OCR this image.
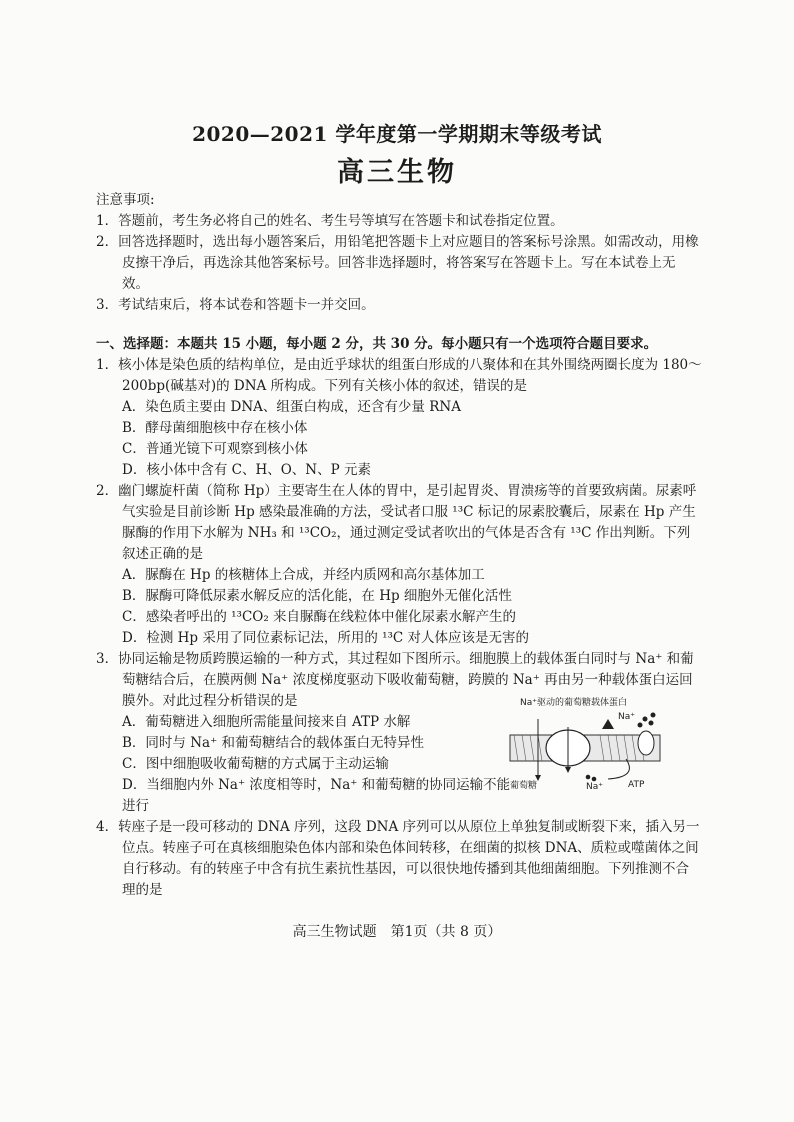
2020—2021 学年度第一学期期末等级考试
高三生物

注意事项:

1．答题前，考生务必将自己的姓名、考生号等填写在答题卡和试卷指定位置。

2．回答选择题时，选出每小题答案后，用铅笔把答题卡上对应题目的答案标号涂黑。如需改动，用橡皮擦干净后，再选涂其他答案标号。回答非选择题时，将答案写在答题卡上。写在本试卷上无效。

3．考试结束后，将本试卷和答题卡一并交回。

一、选择题：本题共 15 小题，每小题 2 分，共 30 分。每小题只有一个选项符合题目要求。

1．核小体是染色质的结构单位，是由近乎球状的组蛋白形成的八聚体和在其外围绕两圈长度为 180～200bp(碱基对)的 DNA 所构成。下列有关核小体的叙述，错误的是

A．染色质主要由 DNA、组蛋白构成，还含有少量 RNA

B．酵母菌细胞核中存在核小体

C．普通光镜下可观察到核小体

D．核小体中含有 C、H、O、N、P 元素

2．幽门螺旋杆菌（简称 Hp）主要寄生在人体的胃中，是引起胃炎、胃溃疡等的首要致病菌。尿素呼气实验是目前诊断 Hp 感染最准确的方法，受试者口服 ¹³C 标记的尿素胶囊后，尿素在 Hp 产生脲酶的作用下水解为 NH₃ 和 ¹³CO₂，通过测定受试者吹出的气体是否含有 ¹³C 作出判断。下列叙述正确的是

A．脲酶在 Hp 的核糖体上合成，并经内质网和高尔基体加工

B．脲酶可降低尿素水解反应的活化能，在 Hp 细胞外无催化活性

C．感染者呼出的 ¹³CO₂ 来自脲酶在线粒体中催化尿素水解产生的

D．检测 Hp 采用了同位素标记法，所用的 ¹³C 对人体应该是无害的

3．协同运输是物质跨膜运输的一种方式，其过程如下图所示。细胞膜上的载体蛋白同时与 Na⁺ 和葡萄糖结合后，在膜两侧 Na⁺ 浓度梯度驱动下吸收葡萄糖，跨膜的 Na⁺ 再由另一种载体蛋白运回膜外。对此过程分析错误的是

A．葡萄糖进入细胞所需能量间接来自 ATP 水解

B．同时与 Na⁺ 和葡萄糖结合的载体蛋白无特异性

C．图中细胞吸收葡萄糖的方式属于主动运输

D．当细胞内外 Na⁺ 浓度相等时，Na⁺ 和葡萄糖的协同运输不能进行

4．转座子是一段可移动的 DNA 序列，这段 DNA 序列可以从原位上单独复制或断裂下来，插入另一位点。转座子可在真核细胞染色体内部和染色体间转移，在细菌的拟核 DNA、质粒或噬菌体之间自行移动。有的转座子中含有抗生素抗性基因，可以很快地传播到其他细菌细胞。下列推测不合理的是

Na⁺驱动的葡萄糖载体蛋白
Na⁺
葡萄糖	Na⁺	ATP
高三生物试题　第1页（共 8 页）
